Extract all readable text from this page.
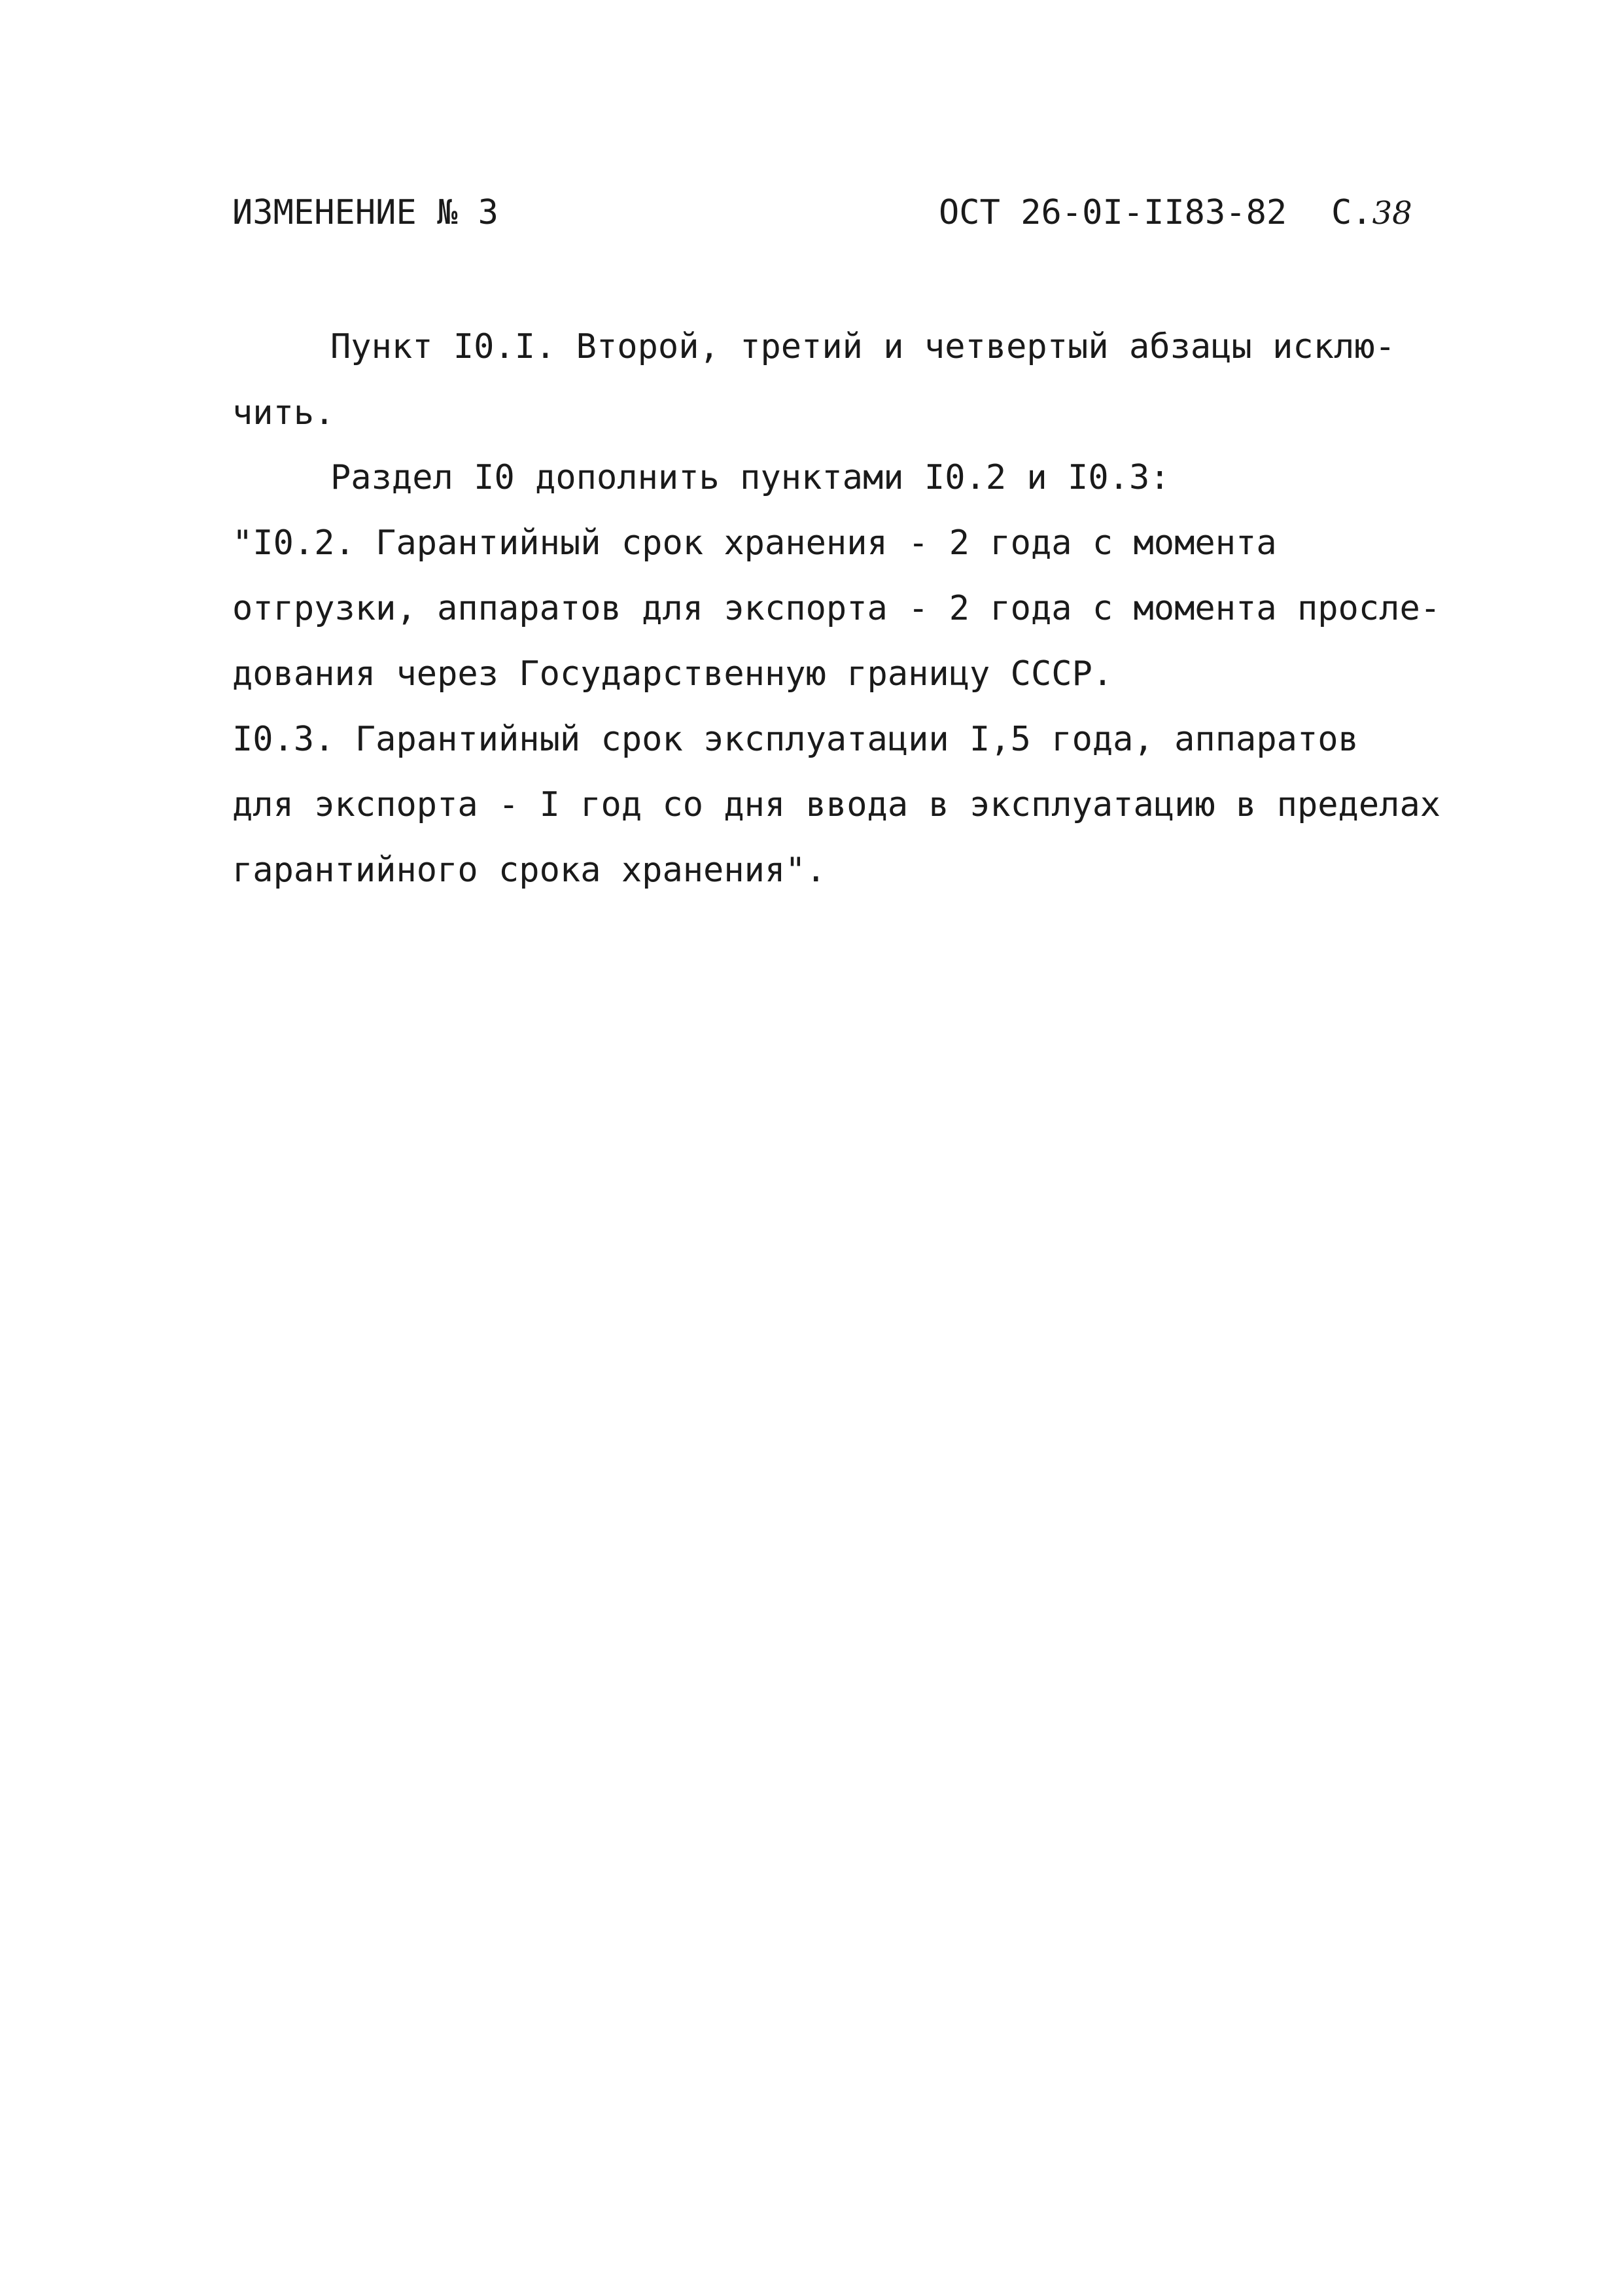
ИЗМЕНЕНИЕ № 3	ОСТ 26-0I-II83-82 С.38
Пункт I0.I. Второй, третий и четвертый абзацы исклю-
чить.
Раздел I0 дополнить пунктами I0.2 и I0.3:
"I0.2. Гарантийный срок хранения - 2 года с момента
отгрузки, аппаратов для экспорта - 2 года с момента просле-
дования через Государственную границу СССР.
I0.3. Гарантийный срок эксплуатации I,5 года, аппаратов
для экспорта - I год со дня ввода в эксплуатацию в пределах
гарантийного срока хранения".
